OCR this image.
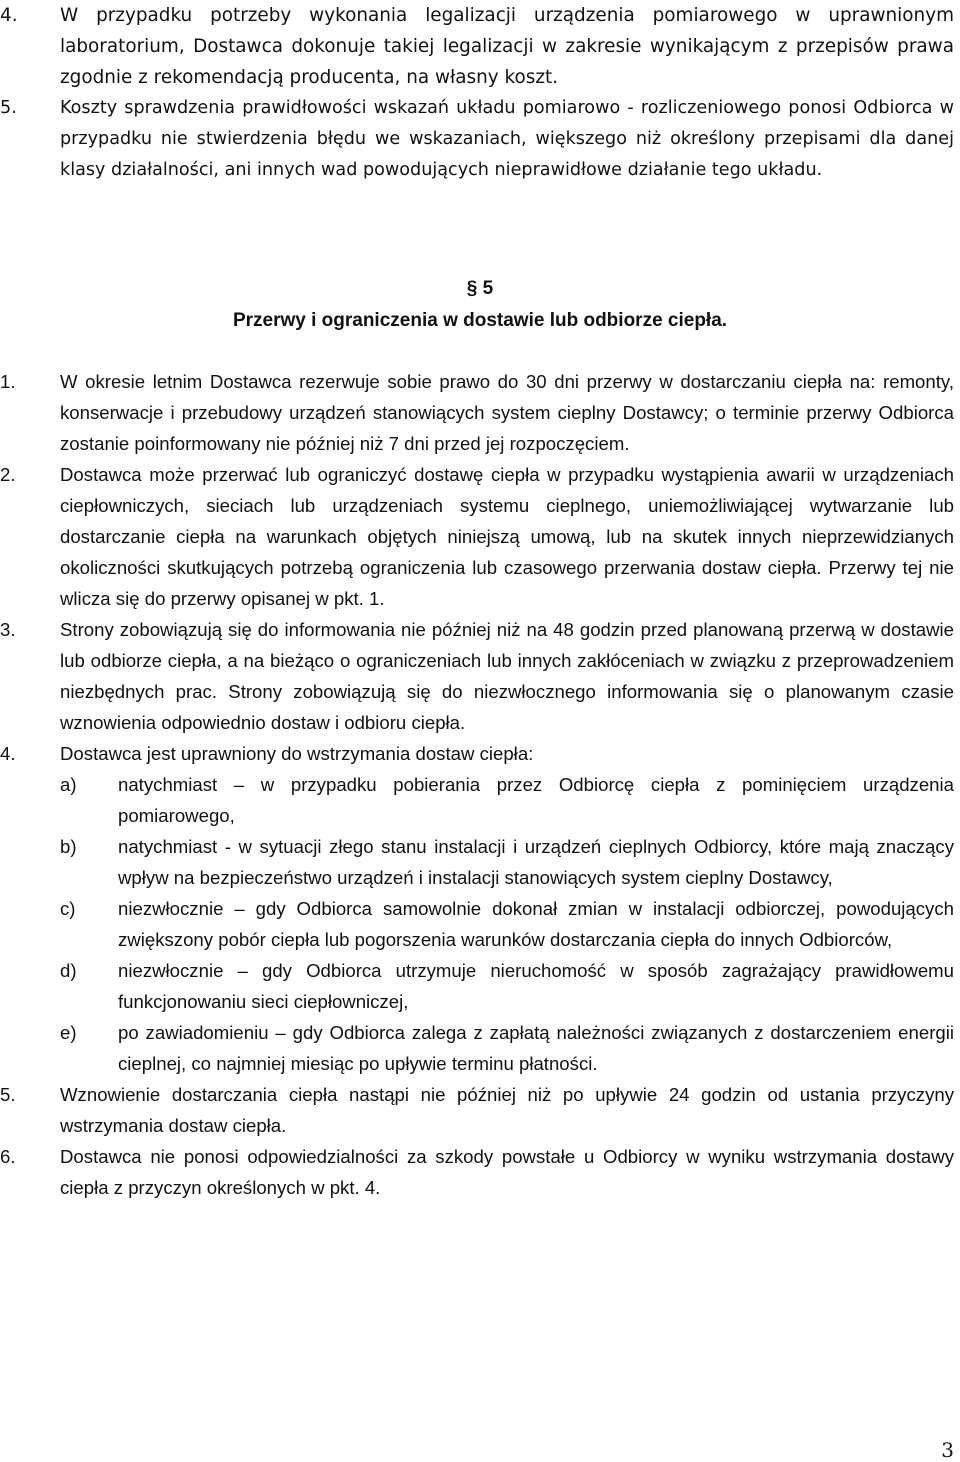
4. W przypadku potrzeby wykonania legalizacji urządzenia pomiarowego w uprawnionym laboratorium, Dostawca dokonuje takiej legalizacji w zakresie wynikającym z przepisów prawa zgodnie z rekomendacją producenta, na własny koszt.
5. Koszty sprawdzenia prawidłowości wskazań układu pomiarowo - rozliczeniowego ponosi Odbiorca w przypadku nie stwierdzenia błędu we wskazaniach, większego niż określony przepisami dla danej klasy działalności, ani innych wad powodujących nieprawidłowe działanie tego układu.
§ 5
Przerwy i ograniczenia w dostawie lub odbiorze ciepła.
1. W okresie letnim Dostawca rezerwuje sobie prawo do 30 dni przerwy w dostarczaniu ciepła na: remonty, konserwacje i przebudowy urządzeń stanowiących system cieplny Dostawcy; o terminie przerwy Odbiorca zostanie poinformowany nie później niż 7 dni przed jej rozpoczęciem.
2. Dostawca może przerwać lub ograniczyć dostawę ciepła w przypadku wystąpienia awarii w urządzeniach ciepłowniczych, sieciach lub urządzeniach systemu cieplnego, uniemożliwiającej wytwarzanie lub dostarczanie ciepła na warunkach objętych niniejszą umową, lub na skutek innych nieprzewidzianych okoliczności skutkujących potrzebą ograniczenia lub czasowego przerwania dostaw ciepła. Przerwy tej nie wlicza się do przerwy opisanej w pkt. 1.
3. Strony zobowiązują się do informowania nie później niż na 48 godzin przed planowaną przerwą w dostawie lub odbiorze ciepła, a na bieżąco o ograniczeniach lub innych zakłóceniach w związku z przeprowadzeniem niezbędnych prac. Strony zobowiązują się do niezwłocznego informowania się o planowanym czasie wznowienia odpowiednio dostaw i odbioru ciepła.
4. Dostawca jest uprawniony do wstrzymania dostaw ciepła:
a) natychmiast – w przypadku pobierania przez Odbiorcę ciepła z pominięciem urządzenia pomiarowego,
b) natychmiast - w sytuacji złego stanu instalacji i urządzeń cieplnych Odbiorcy, które mają znaczący wpływ na bezpieczeństwo urządzeń i instalacji stanowiących system cieplny Dostawcy,
c) niezwłocznie – gdy Odbiorca samowolnie dokonał zmian w instalacji odbiorczej, powodujących zwiększony pobór ciepła lub pogorszenia warunków dostarczania ciepła do innych Odbiorców,
d) niezwłocznie – gdy Odbiorca utrzymuje nieruchomość w sposób zagrażający prawidłowemu funkcjonowaniu sieci ciepłowniczej,
e) po zawiadomieniu – gdy Odbiorca zalega z zapłatą należności związanych z dostarczeniem energii cieplnej, co najmniej miesiąc po upływie terminu płatności.
5. Wznowienie dostarczania ciepła nastąpi nie później niż po upływie 24 godzin od ustania przyczyny wstrzymania dostaw ciepła.
6. Dostawca nie ponosi odpowiedzialności za szkody powstałe u Odbiorcy w wyniku wstrzymania dostawy ciepła z przyczyn określonych w pkt. 4.
3
